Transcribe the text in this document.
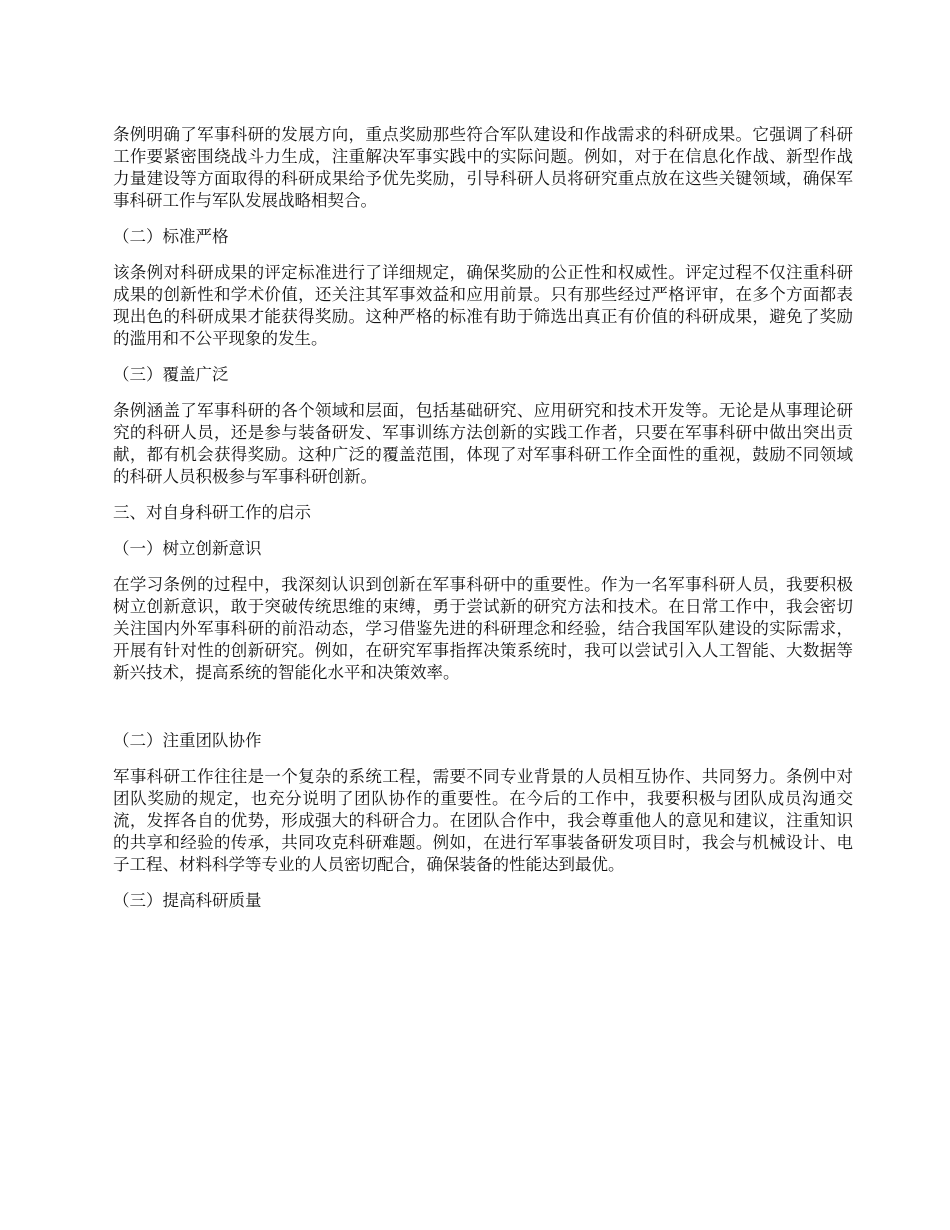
条例明确了军事科研的发展方向，重点奖励那些符合军队建设和作战需求的科研成果。它强调了科研工作要紧密围绕战斗力生成，注重解决军事实践中的实际问题。例如，对于在信息化作战、新型作战力量建设等方面取得的科研成果给予优先奖励，引导科研人员将研究重点放在这些关键领域，确保军事科研工作与军队发展战略相契合。

（二）标准严格

该条例对科研成果的评定标准进行了详细规定，确保奖励的公正性和权威性。评定过程不仅注重科研成果的创新性和学术价值，还关注其军事效益和应用前景。只有那些经过严格评审，在多个方面都表现出色的科研成果才能获得奖励。这种严格的标准有助于筛选出真正有价值的科研成果，避免了奖励的滥用和不公平现象的发生。

（三）覆盖广泛

条例涵盖了军事科研的各个领域和层面，包括基础研究、应用研究和技术开发等。无论是从事理论研究的科研人员，还是参与装备研发、军事训练方法创新的实践工作者，只要在军事科研中做出突出贡献，都有机会获得奖励。这种广泛的覆盖范围，体现了对军事科研工作全面性的重视，鼓励不同领域的科研人员积极参与军事科研创新。

三、对自身科研工作的启示
（一）树立创新意识

在学习条例的过程中，我深刻认识到创新在军事科研中的重要性。作为一名军事科研人员，我要积极树立创新意识，敢于突破传统思维的束缚，勇于尝试新的研究方法和技术。在日常工作中，我会密切关注国内外军事科研的前沿动态，学习借鉴先进的科研理念和经验，结合我国军队建设的实际需求，开展有针对性的创新研究。例如，在研究军事指挥决策系统时，我可以尝试引入人工智能、大数据等新兴技术，提高系统的智能化水平和决策效率。

（二）注重团队协作

军事科研工作往往是一个复杂的系统工程，需要不同专业背景的人员相互协作、共同努力。条例中对团队奖励的规定，也充分说明了团队协作的重要性。在今后的工作中，我要积极与团队成员沟通交流，发挥各自的优势，形成强大的科研合力。在团队合作中，我会尊重他人的意见和建议，注重知识的共享和经验的传承，共同攻克科研难题。例如，在进行军事装备研发项目时，我会与机械设计、电子工程、材料科学等专业的人员密切配合，确保装备的性能达到最优。

（三）提高科研质量
